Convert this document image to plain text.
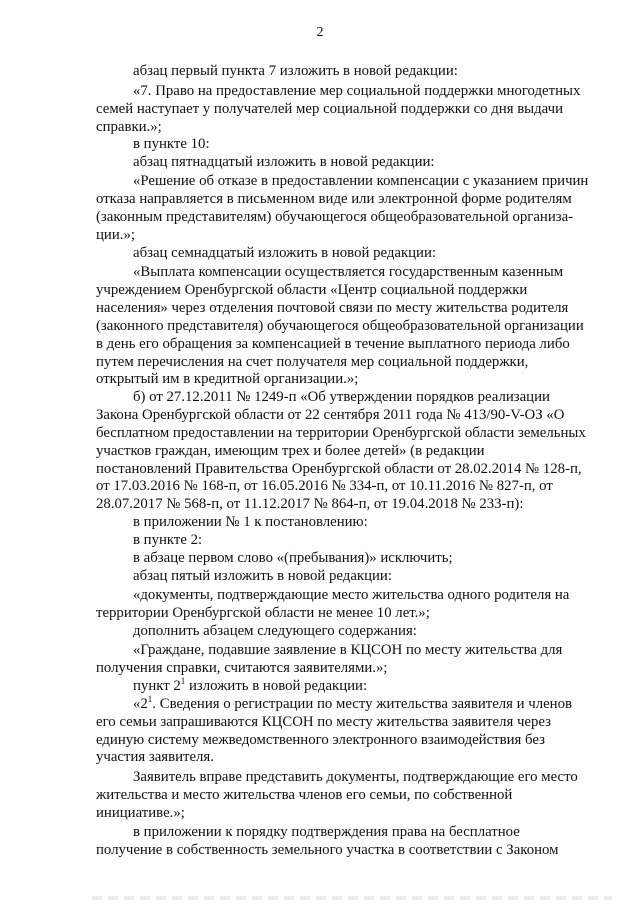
2
абзац первый пункта 7 изложить в новой редакции:
«7. Право на предоставление мер социальной поддержки многодетных
семей наступает у получателей мер социальной поддержки со дня выдачи
справки.»;
в пункте 10:
абзац пятнадцатый изложить в новой редакции:
«Решение об отказе в предоставлении компенсации с указанием причин
отказа направляется в письменном виде или электронной форме родителям
(законным представителям) обучающегося общеобразовательной организа-
ции.»;
абзац семнадцатый изложить в новой редакции:
«Выплата компенсации осуществляется государственным казенным
учреждением Оренбургской области «Центр социальной поддержки
населения» через отделения почтовой связи по месту жительства родителя
(законного представителя) обучающегося общеобразовательной организации
в день его обращения за компенсацией в течение выплатного периода либо
путем перечисления на счет получателя мер социальной поддержки,
открытый им в кредитной организации.»;
б) от 27.12.2011 № 1249-п «Об утверждении порядков реализации
Закона Оренбургской области от 22 сентября 2011 года № 413/90-V-ОЗ «О
бесплатном предоставлении на территории Оренбургской области земельных
участков граждан, имеющим трех и более детей» (в редакции
постановлений Правительства Оренбургской области от 28.02.2014 № 128-п,
от 17.03.2016 № 168-п, от 16.05.2016 № 334-п, от 10.11.2016 № 827-п, от
28.07.2017 № 568-п, от 11.12.2017 № 864-п, от 19.04.2018 № 233-п):
в приложении № 1 к постановлению:
в пункте 2:
в абзаце первом слово «(пребывания)» исключить;
абзац пятый изложить в новой редакции:
«документы, подтверждающие место жительства одного родителя на
территории Оренбургской области не менее 10 лет.»;
дополнить абзацем следующего содержания:
«Граждане, подавшие заявление в КЦСОН по месту жительства для
получения справки, считаются заявителями.»;
пункт $2^1$ изложить в новой редакции:
«$2^1$. Сведения о регистрации по месту жительства заявителя и членов
его семьи запрашиваются КЦСОН по месту жительства заявителя через
единую систему межведомственного электронного взаимодействия без
участия заявителя.
Заявитель вправе представить документы, подтверждающие его место
жительства и место жительства членов его семьи, по собственной
инициативе.»;
в приложении к порядку подтверждения права на бесплатное
получение в собственность земельного участка в соответствии с Законом
